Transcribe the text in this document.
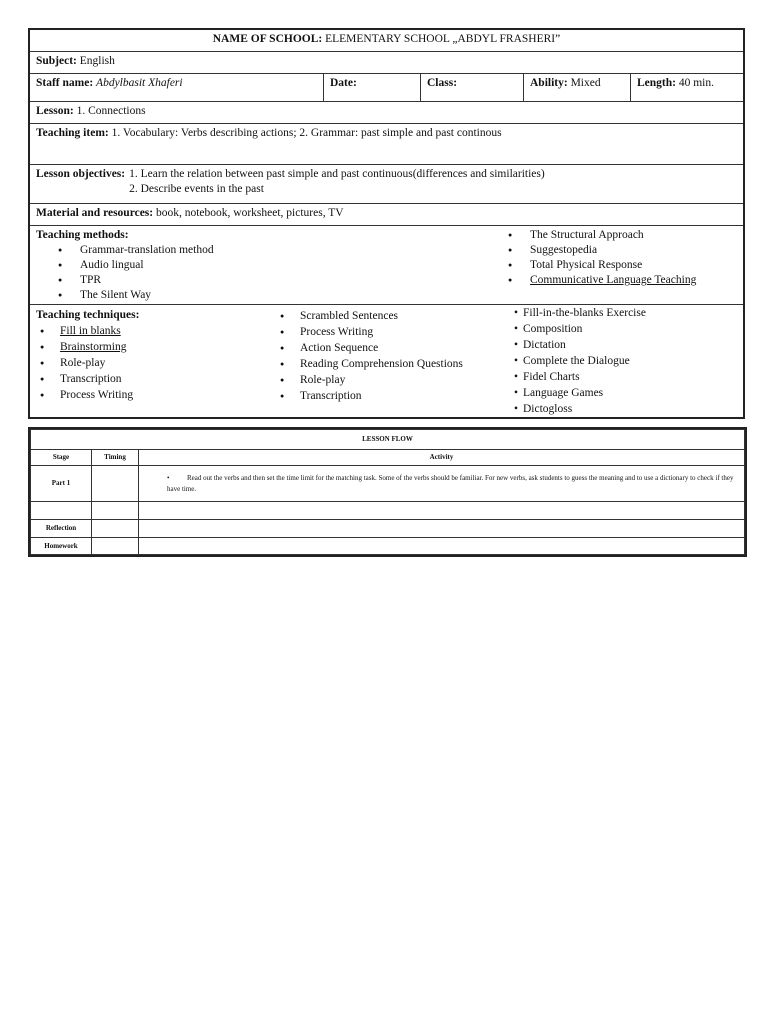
NAME OF SCHOOL: ELEMENTARY SCHOOL „ABDYL FRASHERI”
Subject: English
Staff name: Abdylbasit Xhaferi	Date:	Class:	Ability: Mixed	Length: 40 min.
Lesson: 1. Connections
Teaching item: 1. Vocabulary: Verbs describing actions; 2. Grammar: past simple and past continous
Lesson objectives: 1. Learn the relation between past simple and past continuous(differences and similarities)
2. Describe events in the past
Material and resources: book, notebook, worksheet, pictures, TV
Teaching methods:
● Grammar-translation method
● Audio lingual
● TPR
● The Silent Way
● The Structural Approach
● Suggestopedia
● Total Physical Response
● Communicative Language Teaching
Teaching techniques:
● Fill in blanks
● Brainstorming
● Role-play
● Transcription
● Process Writing
● Scrambled Sentences
● Process Writing
● Action Sequence
● Reading Comprehension Questions
● Role-play
● Transcription
• Fill-in-the-blanks Exercise
• Composition
• Dictation
• Complete the Dialogue
• Fidel Charts
• Language Games
• Dictogloss
LESSON FLOW		
Stage	Timing	Activity
Part 1		• Read out the verbs and then set the time limit for the matching task. Some of the verbs should be familiar. For new verbs, ask students to guess the meaning and to use a dictionary to check if they have time.

Reflection		
Homework		
